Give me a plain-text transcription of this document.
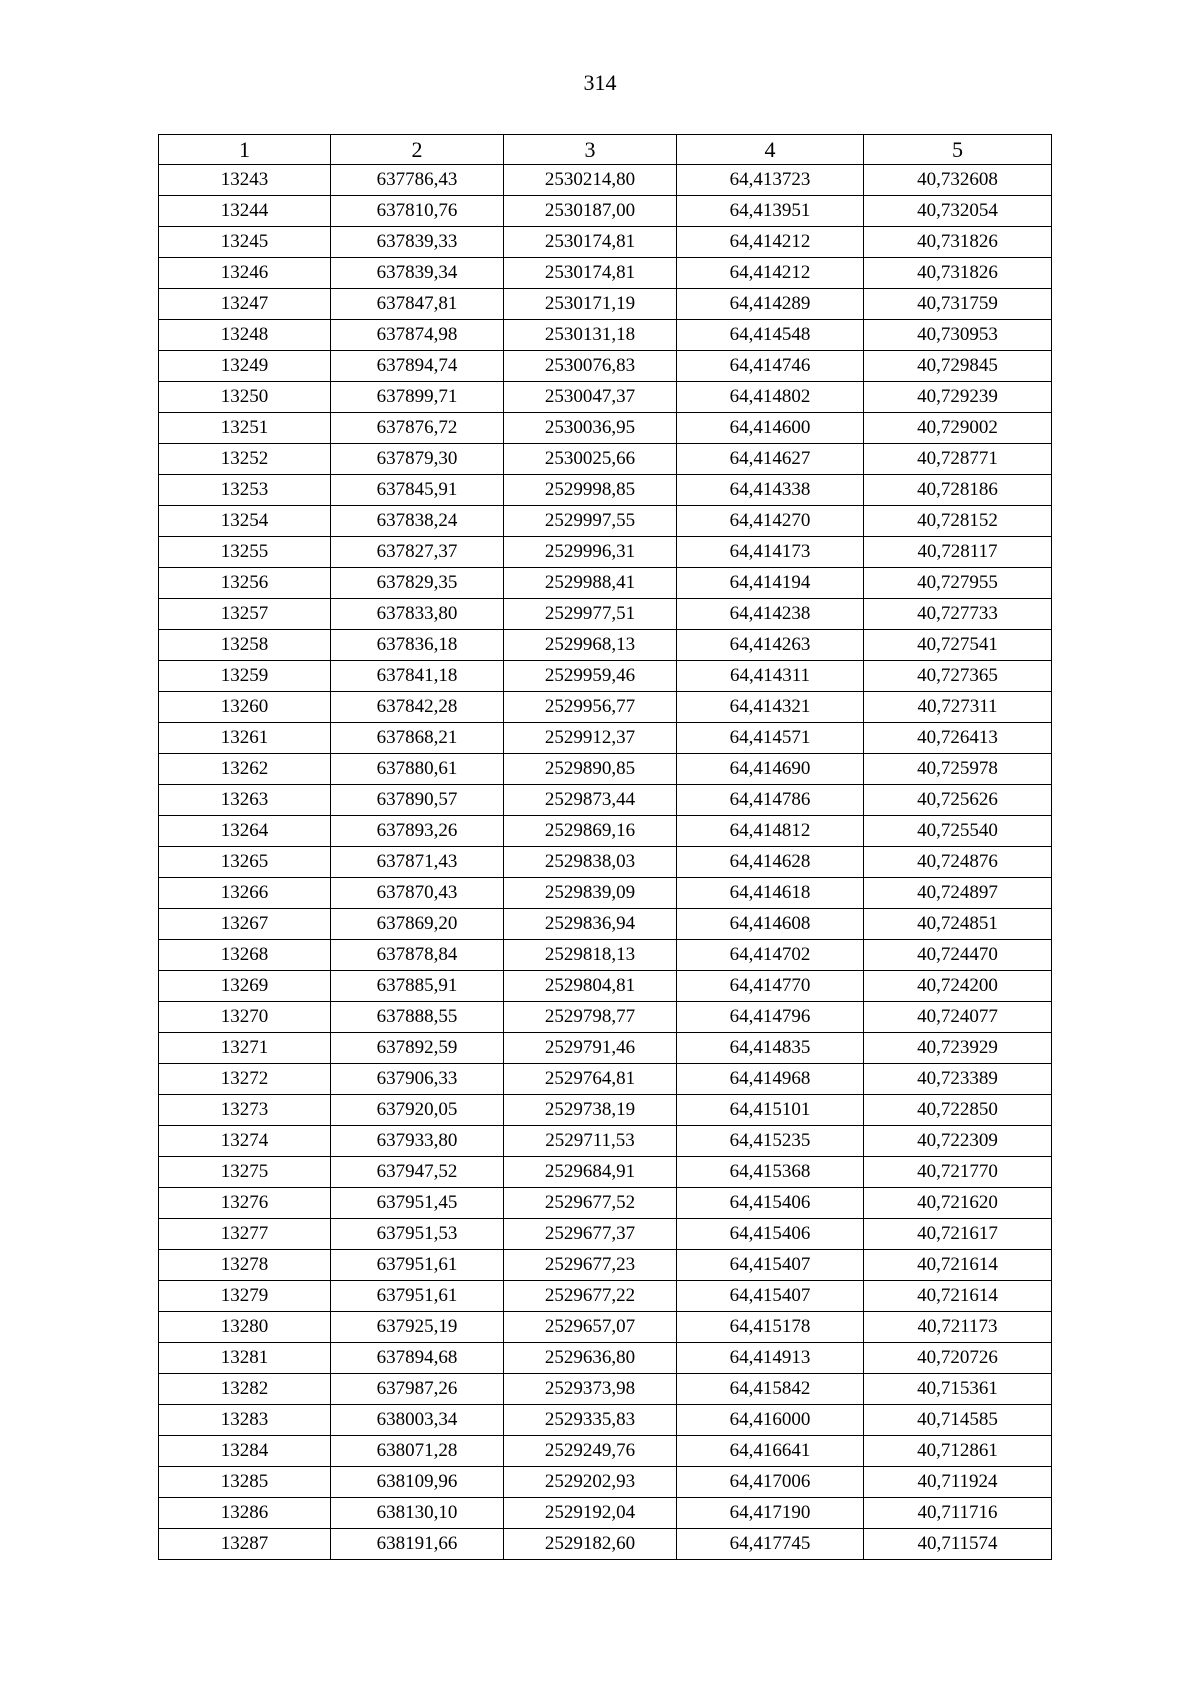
314
1	2	3	4	5
13243	637786,43	2530214,80	64,413723	40,732608
13244	637810,76	2530187,00	64,413951	40,732054
13245	637839,33	2530174,81	64,414212	40,731826
13246	637839,34	2530174,81	64,414212	40,731826
13247	637847,81	2530171,19	64,414289	40,731759
13248	637874,98	2530131,18	64,414548	40,730953
13249	637894,74	2530076,83	64,414746	40,729845
13250	637899,71	2530047,37	64,414802	40,729239
13251	637876,72	2530036,95	64,414600	40,729002
13252	637879,30	2530025,66	64,414627	40,728771
13253	637845,91	2529998,85	64,414338	40,728186
13254	637838,24	2529997,55	64,414270	40,728152
13255	637827,37	2529996,31	64,414173	40,728117
13256	637829,35	2529988,41	64,414194	40,727955
13257	637833,80	2529977,51	64,414238	40,727733
13258	637836,18	2529968,13	64,414263	40,727541
13259	637841,18	2529959,46	64,414311	40,727365
13260	637842,28	2529956,77	64,414321	40,727311
13261	637868,21	2529912,37	64,414571	40,726413
13262	637880,61	2529890,85	64,414690	40,725978
13263	637890,57	2529873,44	64,414786	40,725626
13264	637893,26	2529869,16	64,414812	40,725540
13265	637871,43	2529838,03	64,414628	40,724876
13266	637870,43	2529839,09	64,414618	40,724897
13267	637869,20	2529836,94	64,414608	40,724851
13268	637878,84	2529818,13	64,414702	40,724470
13269	637885,91	2529804,81	64,414770	40,724200
13270	637888,55	2529798,77	64,414796	40,724077
13271	637892,59	2529791,46	64,414835	40,723929
13272	637906,33	2529764,81	64,414968	40,723389
13273	637920,05	2529738,19	64,415101	40,722850
13274	637933,80	2529711,53	64,415235	40,722309
13275	637947,52	2529684,91	64,415368	40,721770
13276	637951,45	2529677,52	64,415406	40,721620
13277	637951,53	2529677,37	64,415406	40,721617
13278	637951,61	2529677,23	64,415407	40,721614
13279	637951,61	2529677,22	64,415407	40,721614
13280	637925,19	2529657,07	64,415178	40,721173
13281	637894,68	2529636,80	64,414913	40,720726
13282	637987,26	2529373,98	64,415842	40,715361
13283	638003,34	2529335,83	64,416000	40,714585
13284	638071,28	2529249,76	64,416641	40,712861
13285	638109,96	2529202,93	64,417006	40,711924
13286	638130,10	2529192,04	64,417190	40,711716
13287	638191,66	2529182,60	64,417745	40,711574
